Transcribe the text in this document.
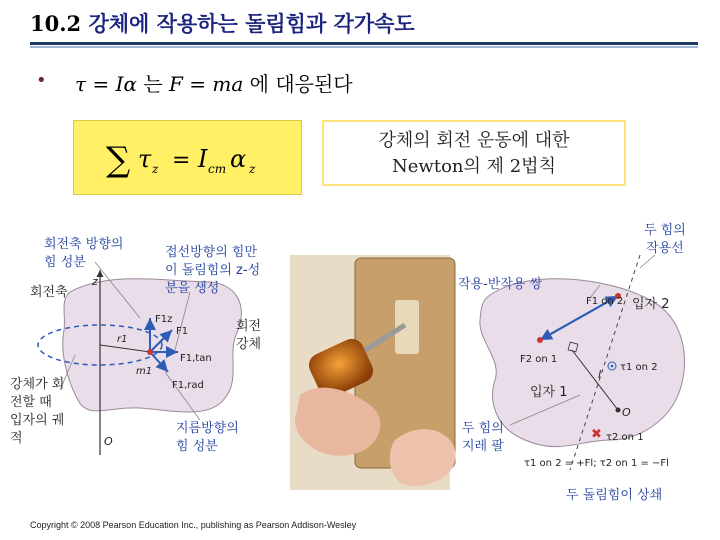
10.2 강체에 작용하는 돌림힘과 각가속도
• τ = Iα 는 F = ma 에 대응된다
∑ τ z = I cm α z
강체의 회전 운동에 대한
Newton의 제 2법칙
z
F1z
r1
F1
F1,tan
m1
F1,rad
O	✖
F1 on 2
F2 on 1
l
O
τ1 on 2
τ2 on 1
τ1 on 2 = +Fl; τ2 on 1 = −Fl
회전축 방향의
힘 성분
회전축
접선방향의 힘만
이 돌림힘의 z-성
분을 생성
회전
강체
강체가 회
전할 때
입자의 궤
적
지름방향의
힘 성분
두 힘의
작용선
작용-반작용 쌍
입자 2
입자 1
두 힘의
지레 팔
두 돌림힘이 상쇄
Copyright © 2008 Pearson Education Inc., publishing as Pearson Addison-Wesley
